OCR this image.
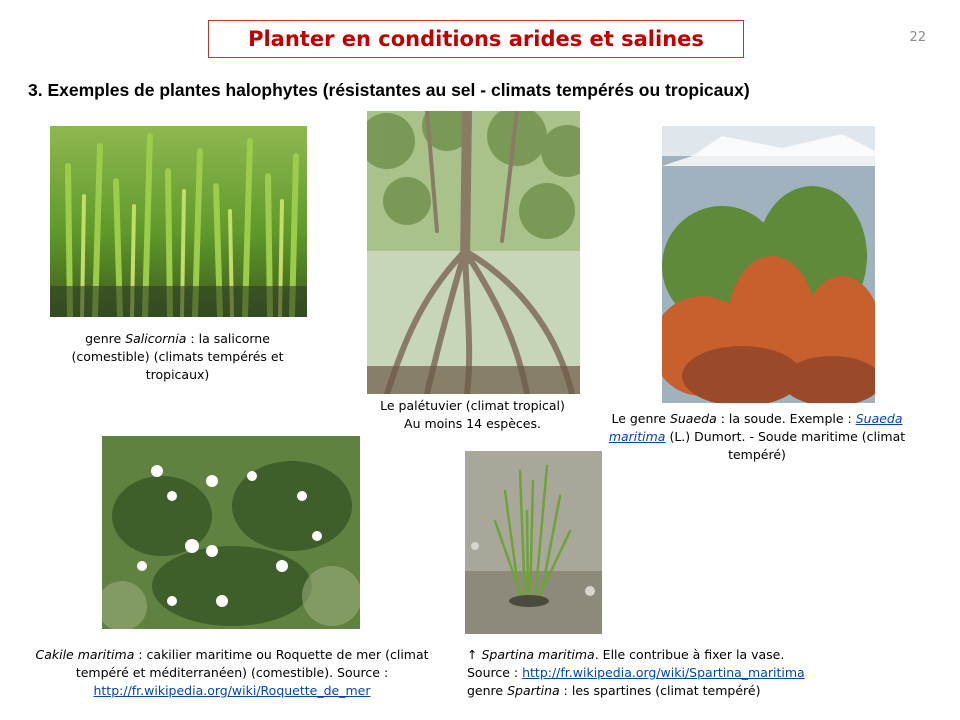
Planter en conditions arides et salines	22
3. Exemples de plantes halophytes (résistantes au sel - climats tempérés ou tropicaux)
genre Salicornia : la salicorne (comestible) (climats tempérés et tropicaux)
Le palétuvier (climat tropical)
Au moins 14 espèces.	Le genre Suaeda : la soude. Exemple : Suaeda maritima (L.) Dumort. - Soude maritime (climat tempéré)
Cakile maritima : cakilier maritime ou Roquette de mer (climat tempéré et méditerranéen) (comestible). Source : http://fr.wikipedia.org/wiki/Roquette_de_mer
↑ Spartina maritima. Elle contribue à fixer la vase.
Source : http://fr.wikipedia.org/wiki/Spartina_maritima
genre Spartina : les spartines (climat tempéré)
